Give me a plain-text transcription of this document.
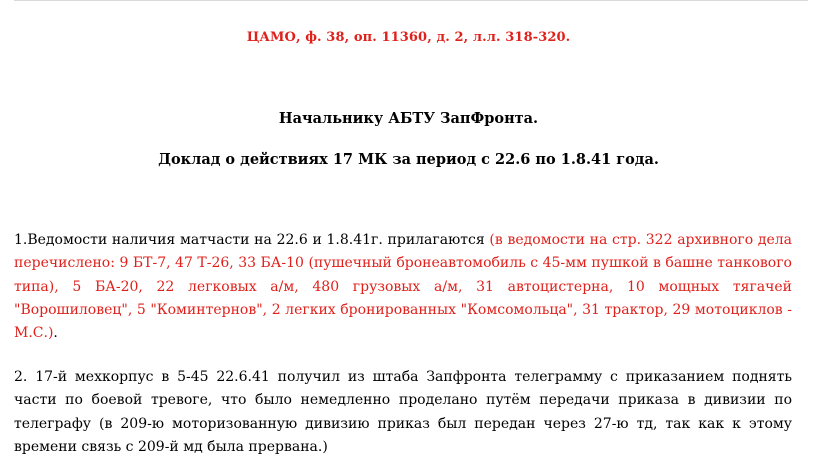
ЦАМО, ф. 38, оп. 11360, д. 2, л.л. 318-320.
Начальнику АБТУ ЗапФронта.
Доклад о действиях 17 МК за период с 22.6 по 1.8.41 года.

1.Ведомости наличия матчасти на 22.6 и 1.8.41г. прилагаются (в ведомости на стр. 322 архивного дела перечислено: 9 БТ-7, 47 Т-26, 33 БА-10 (пушечный бронеавтомобиль с 45-мм пушкой в башне танкового типа), 5 БА-20, 22 легковых а/м, 480 грузовых а/м, 31 автоцистерна, 10 мощных тягачей "Ворошиловец", 5 "Коминтернов", 2 легких бронированных "Комсомольца", 31 трактор, 29 мотоциклов - М.С.).

2. 17-й мехкорпус в 5-45 22.6.41 получил из штаба Запфронта телеграмму с приказанием поднять части по боевой тревоге, что было немедленно проделано путём передачи приказа в дивизии по телеграфу (в 209-ю моторизованную дивизию приказ был передан через 27-ю тд, так как к этому времени связь с 209-й мд была прервана.)
